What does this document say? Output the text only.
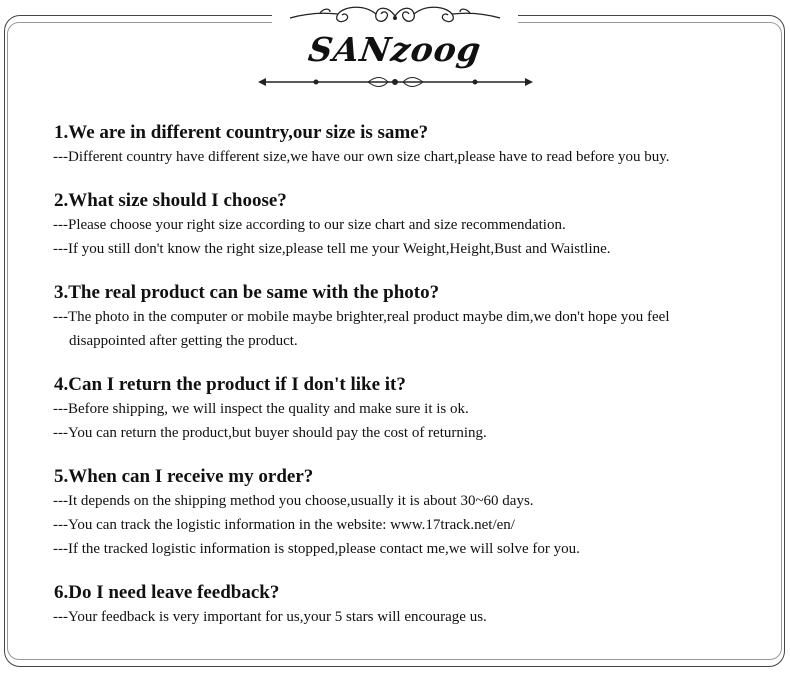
SANzoog

1.We are in different country,our size is same?

---Different country have different size,we have our own size chart,please have to read before you buy.

2.What size should I choose?

---Please choose your right size according to our size chart and size recommendation.

---If you still don't know the right size,please tell me your Weight,Height,Bust and Waistline.

3.The real product can be same with the photo?

---The photo in the computer or mobile maybe brighter,real product maybe dim,we don't hope you feel

disappointed after getting the product.

4.Can I return the product if I don't like it?

---Before shipping, we will inspect the quality and make sure it is ok.

---You can return the product,but buyer should pay the cost of returning.

5.When can I receive my order?

---It depends on the shipping method you choose,usually it is about 30~60 days.

---You can track the logistic information in the website: www.17track.net/en/

---If the tracked logistic information is stopped,please contact me,we will solve for you.

6.Do I need leave feedback?

---Your feedback is very important for us,your 5 stars will encourage us.
